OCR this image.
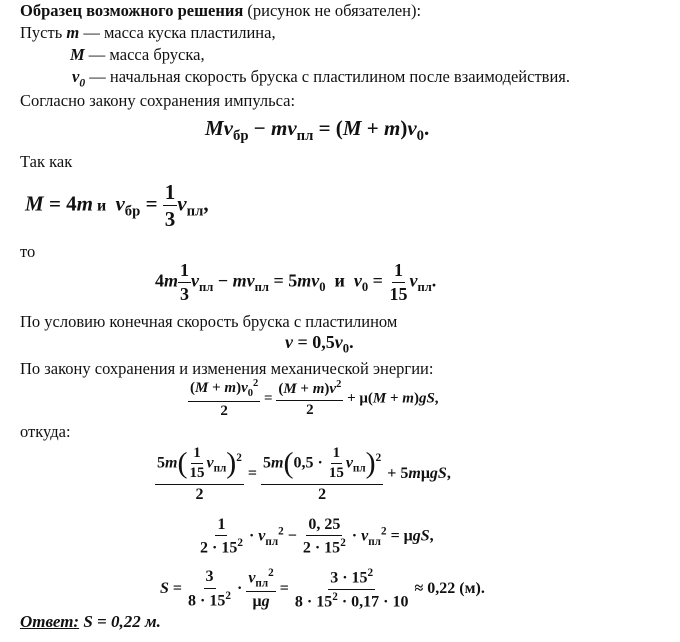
Образец возможного решения (рисунок не обязателен):
Пусть m — масса куска пластилина,
M — масса бруска,
$v_0$ — начальная скорость бруска с пластилином после взаимодействия.
Согласно закону сохранения импульса:
$Mv_{бр} - mv_{пл} = (M + m)v_0$.
Так как
M = 4m и  $v_{бр} = \frac{1}{3} v_{пл}$,
то
$4m \frac{1}{3} v_{пл} - mv_{пл} = 5mv_0$  и  $v_0 = \frac{1}{15} v_{пл}$.
По условию конечная скорость бруска с пластилином
$v = 0,5v_0$.
По закону сохранения и изменения механической энергии:
$\frac{(M + m)v_0^2}{2} = \frac{(M + m)v^2}{2} + \mu(M + m)gS$,
откуда:
$5m( \frac{1}{15} v_{пл})^2$
2
=
$5m(0,5 \cdot \frac{1}{15} v_{пл})^2$
2
+ 5mμgS,
$\frac{1}{2 \cdot 15^2} \cdot v_{пл}^2 - \frac{0, 25}{2 \cdot 15^2} \cdot v_{пл}^2 = \mu gS$,
$S = \frac{3}{8 \cdot 15^2}$ ·
$v_{пл}^2$
μg
= $\frac{3 \cdot 15^2}{8 \cdot 15^2 \cdot 0,17 \cdot 10} \approx 0,22$ (м).
Ответ: S = 0,22 м.
